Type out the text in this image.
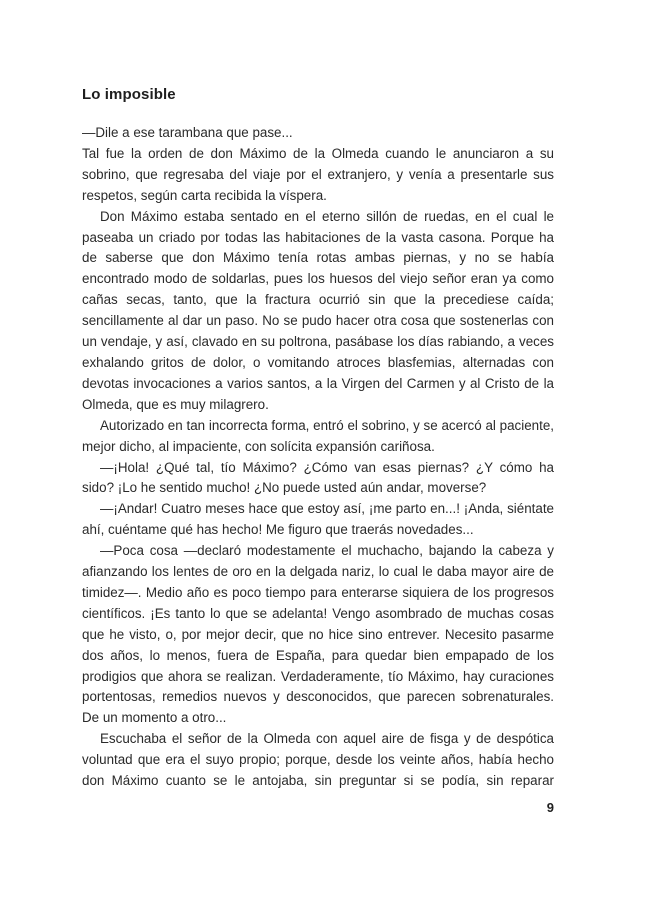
Lo imposible

—Dile a ese tarambana que pase...

Tal fue la orden de don Máximo de la Olmeda cuando le anunciaron a su sobrino, que regresaba del viaje por el extranjero, y venía a presentarle sus respetos, según carta recibida la víspera.

Don Máximo estaba sentado en el eterno sillón de ruedas, en el cual le paseaba un criado por todas las habitaciones de la vasta casona. Porque ha de saberse que don Máximo tenía rotas ambas piernas, y no se había encontrado modo de soldarlas, pues los huesos del viejo señor eran ya como cañas secas, tanto, que la fractura ocurrió sin que la precediese caída; sencillamente al dar un paso. No se pudo hacer otra cosa que sostenerlas con un vendaje, y así, clavado en su poltrona, pasábase los días rabiando, a veces exhalando gritos de dolor, o vomitando atroces blasfemias, alternadas con devotas invocaciones a varios santos, a la Virgen del Carmen y al Cristo de la Olmeda, que es muy milagrero.

Autorizado en tan incorrecta forma, entró el sobrino, y se acercó al paciente, mejor dicho, al impaciente, con solícita expansión cariñosa.

—¡Hola! ¿Qué tal, tío Máximo? ¿Cómo van esas piernas? ¿Y cómo ha sido? ¡Lo he sentido mucho! ¿No puede usted aún andar, moverse?

—¡Andar! Cuatro meses hace que estoy así, ¡me parto en...! ¡Anda, siéntate ahí, cuéntame qué has hecho! Me figuro que traerás novedades...

—Poca cosa —declaró modestamente el muchacho, bajando la cabeza y afianzando los lentes de oro en la delgada nariz, lo cual le daba mayor aire de timidez—. Medio año es poco tiempo para enterarse siquiera de los progresos científicos. ¡Es tanto lo que se adelanta! Vengo asombrado de muchas cosas que he visto, o, por mejor decir, que no hice sino entrever. Necesito pasarme dos años, lo menos, fuera de España, para quedar bien empapado de los prodigios que ahora se realizan. Verdaderamente, tío Máximo, hay curaciones portentosas, remedios nuevos y desconocidos, que parecen sobrenaturales. De un momento a otro...

Escuchaba el señor de la Olmeda con aquel aire de fisga y de despótica voluntad que era el suyo propio; porque, desde los veinte años, había hecho don Máximo cuanto se le antojaba, sin preguntar si se podía, sin reparar

9
